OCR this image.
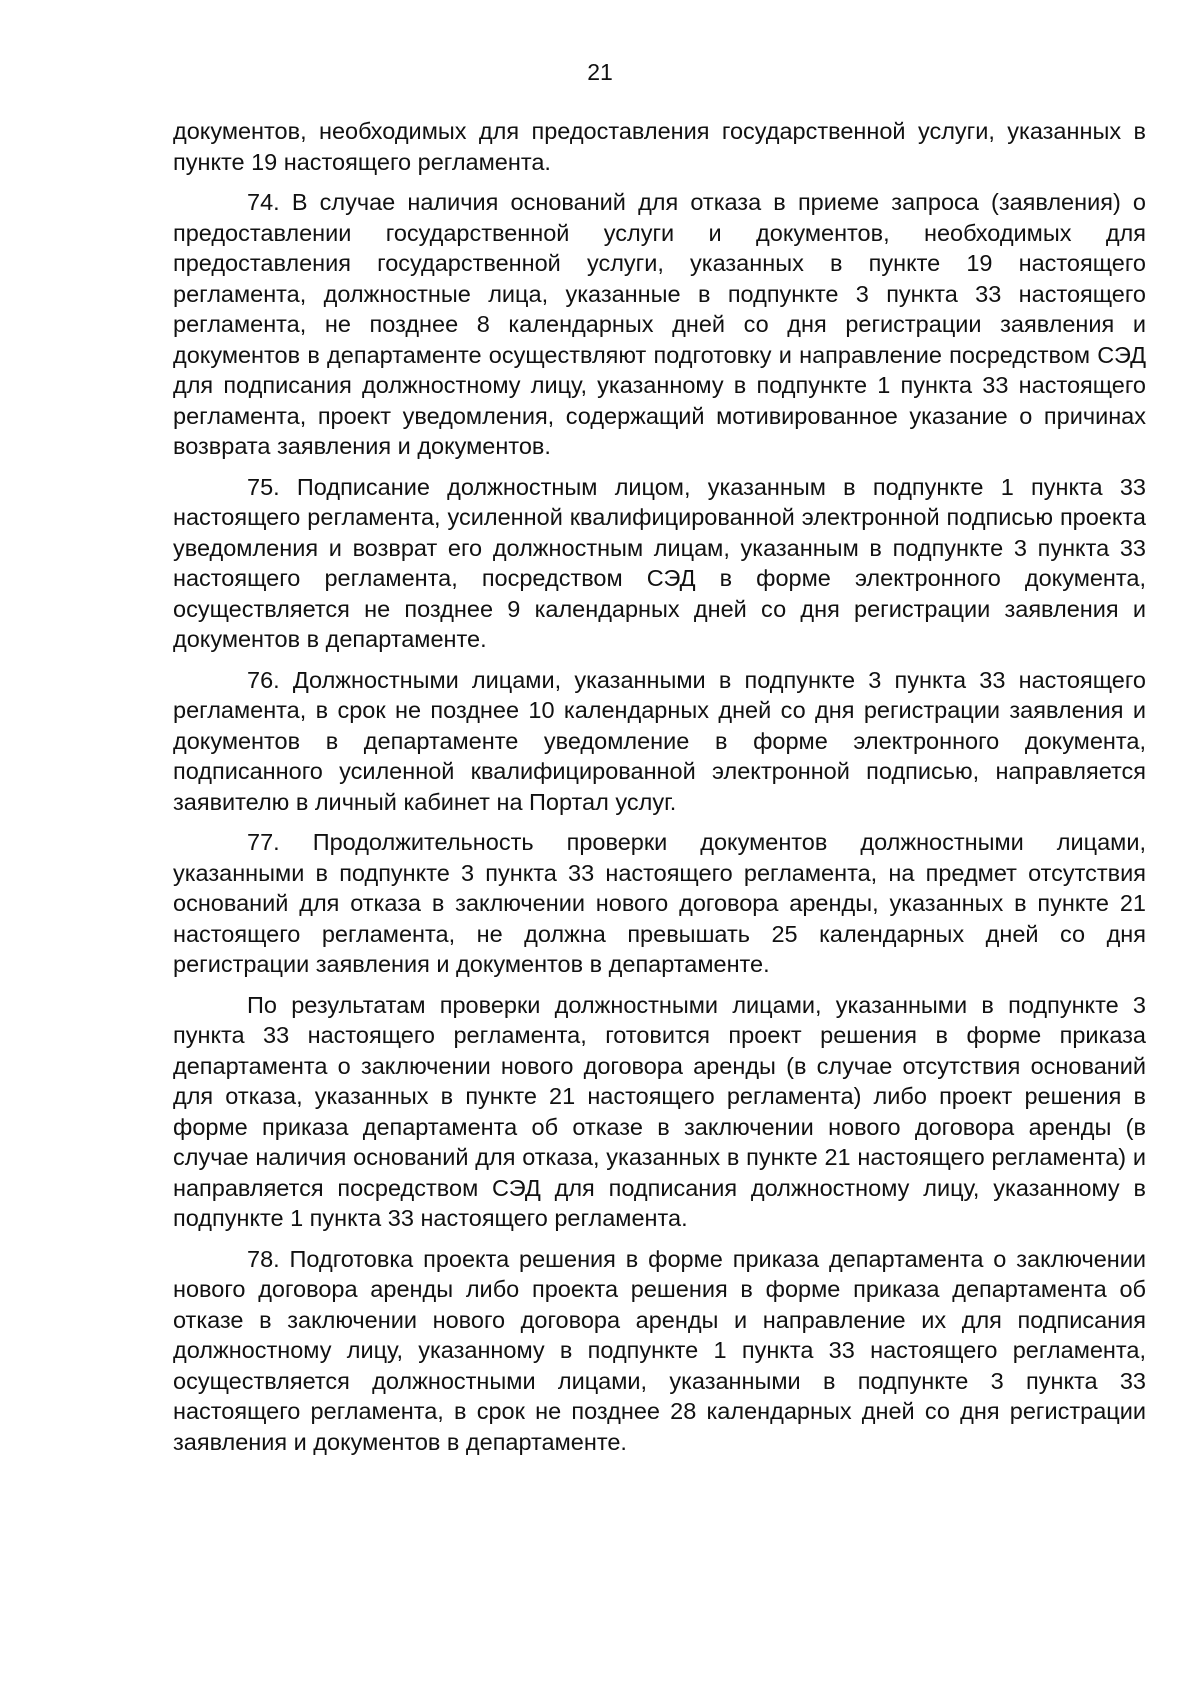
21

документов, необходимых для предоставления государственной услуги, указанных в пункте 19 настоящего регламента.

74. В случае наличия оснований для отказа в приеме запроса (заявления) о предоставлении государственной услуги и документов, необходимых для предоставления государственной услуги, указанных в пункте 19 настоящего регламента, должностные лица, указанные в подпункте 3 пункта 33 настоящего регламента, не позднее 8 календарных дней со дня регистрации заявления и документов в департаменте осуществляют подготовку и направление посредством СЭД для подписания должностному лицу, указанному в подпункте 1 пункта 33 настоящего регламента, проект уведомления, содержащий мотивированное указание о причинах возврата заявления и документов.

75. Подписание должностным лицом, указанным в подпункте 1 пункта 33 настоящего регламента, усиленной квалифицированной электронной подписью проекта уведомления и возврат его должностным лицам, указанным в подпункте 3 пункта 33 настоящего регламента, посредством СЭД в форме электронного документа, осуществляется не позднее 9 календарных дней со дня регистрации заявления и документов в департаменте.

76. Должностными лицами, указанными в подпункте 3 пункта 33 настоящего регламента, в срок не позднее 10 календарных дней со дня регистрации заявления и документов в департаменте уведомление в форме электронного документа, подписанного усиленной квалифицированной электронной подписью, направляется заявителю в личный кабинет на Портал услуг.

77. Продолжительность проверки документов должностными лицами, указанными в подпункте 3 пункта 33 настоящего регламента, на предмет отсутствия оснований для отказа в заключении нового договора аренды, указанных в пункте 21 настоящего регламента, не должна превышать 25 календарных дней со дня регистрации заявления и документов в департаменте.

По результатам проверки должностными лицами, указанными в подпункте 3 пункта 33 настоящего регламента, готовится проект решения в форме приказа департамента о заключении нового договора аренды (в случае отсутствия оснований для отказа, указанных в пункте 21 настоящего регламента) либо проект решения в форме приказа департамента об отказе в заключении нового договора аренды (в случае наличия оснований для отказа, указанных в пункте 21 настоящего регламента) и направляется посредством СЭД для подписания должностному лицу, указанному в подпункте 1 пункта 33 настоящего регламента.

78. Подготовка проекта решения в форме приказа департамента о заключении нового договора аренды либо проекта решения в форме приказа департамента об отказе в заключении нового договора аренды и направление их для подписания должностному лицу, указанному в подпункте 1 пункта 33 настоящего регламента, осуществляется должностными лицами, указанными в подпункте 3 пункта 33 настоящего регламента, в срок не позднее 28 календарных дней со дня регистрации заявления и документов в департаменте.
